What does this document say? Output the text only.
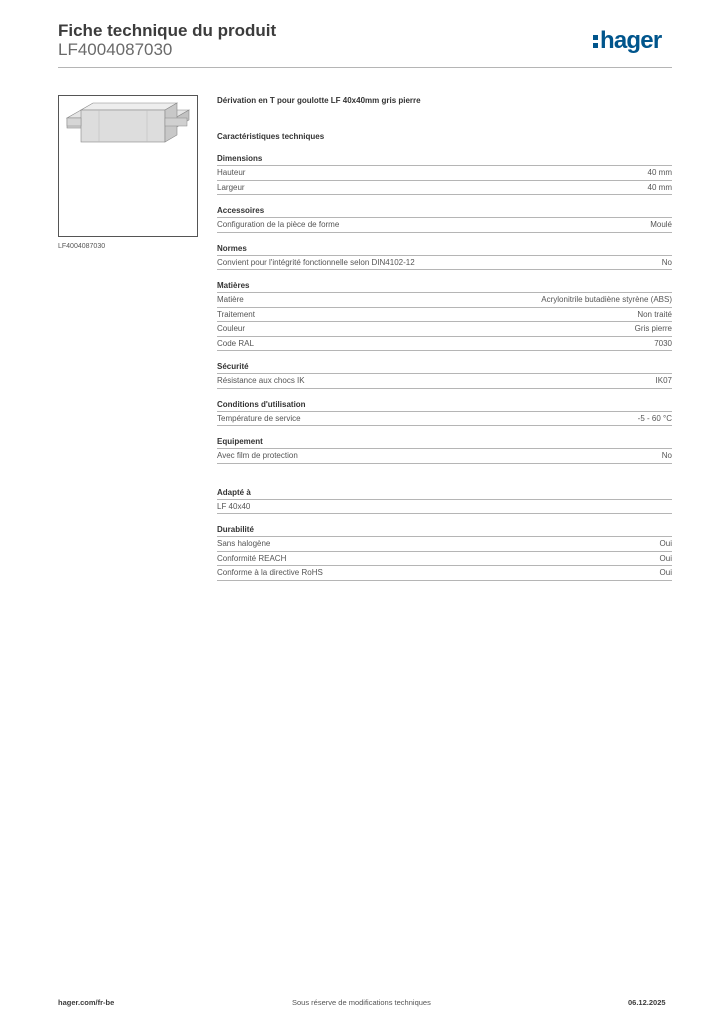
Fiche technique du produit
LF4004087030	hager
LF4004087030
Dérivation en T pour goulotte LF 40x40mm gris pierre
Caractéristiques techniques
Dimensions
Hauteur	40 mm
Largeur	40 mm
Accessoires
Configuration de la pièce de forme	Moulé
Normes
Convient pour l'intégrité fonctionnelle selon DIN4102-12	No
Matières
Matière	Acrylonitrile butadiène styrène (ABS)
Traitement	Non traité
Couleur	Gris pierre
Code RAL	7030
Sécurité
Résistance aux chocs IK	IK07
Conditions d'utilisation
Température de service	-5 - 60 °C
Equipement
Avec film de protection	No
Adapté à
LF 40x40
Durabilité
Sans halogène	Oui
Conformité REACH	Oui
Conforme à la directive RoHS	Oui
hager.com/fr-be	Sous réserve de modifications techniques	06.12.2025
